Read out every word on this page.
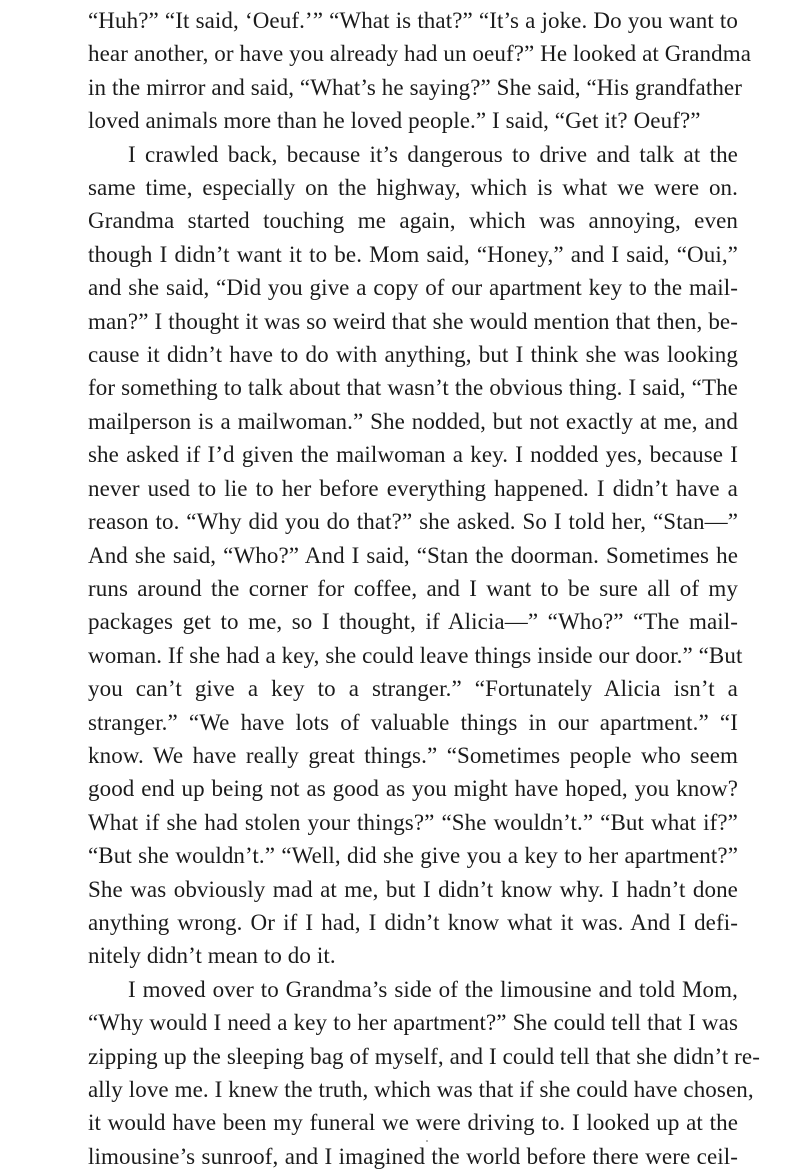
“Huh?” “It said, ‘Oeuf.’” “What is that?” “It’s a joke. Do you want to
hear another, or have you already had un oeuf?” He looked at Grandma
in the mirror and said, “What’s he saying?” She said, “His grandfather
loved animals more than he loved people.” I said, “Get it? Oeuf?”
I crawled back, because it’s dangerous to drive and talk at the
same time, especially on the highway, which is what we were on.
Grandma started touching me again, which was annoying, even
though I didn’t want it to be. Mom said, “Honey,” and I said, “Oui,”
and she said, “Did you give a copy of our apartment key to the mail-
man?” I thought it was so weird that she would mention that then, be-
cause it didn’t have to do with anything, but I think she was looking
for something to talk about that wasn’t the obvious thing. I said, “The
mailperson is a mailwoman.” She nodded, but not exactly at me, and
she asked if I’d given the mailwoman a key. I nodded yes, because I
never used to lie to her before everything happened. I didn’t have a
reason to. “Why did you do that?” she asked. So I told her, “Stan—”
And she said, “Who?” And I said, “Stan the doorman. Sometimes he
runs around the corner for coffee, and I want to be sure all of my
packages get to me, so I thought, if Alicia—” “Who?” “The mail-
woman. If she had a key, she could leave things inside our door.” “But
you can’t give a key to a stranger.” “Fortunately Alicia isn’t a
stranger.” “We have lots of valuable things in our apartment.” “I
know. We have really great things.” “Sometimes people who seem
good end up being not as good as you might have hoped, you know?
What if she had stolen your things?” “She wouldn’t.” “But what if?”
“But she wouldn’t.” “Well, did she give you a key to her apartment?”
She was obviously mad at me, but I didn’t know why. I hadn’t done
anything wrong. Or if I had, I didn’t know what it was. And I defi-
nitely didn’t mean to do it.
I moved over to Grandma’s side of the limousine and told Mom,
“Why would I need a key to her apartment?” She could tell that I was
zipping up the sleeping bag of myself, and I could tell that she didn’t re-
ally love me. I knew the truth, which was that if she could have chosen,
it would have been my funeral we were driving to. I looked up at the
limousine’s sunroof, and I imagined the world before there were ceil-
